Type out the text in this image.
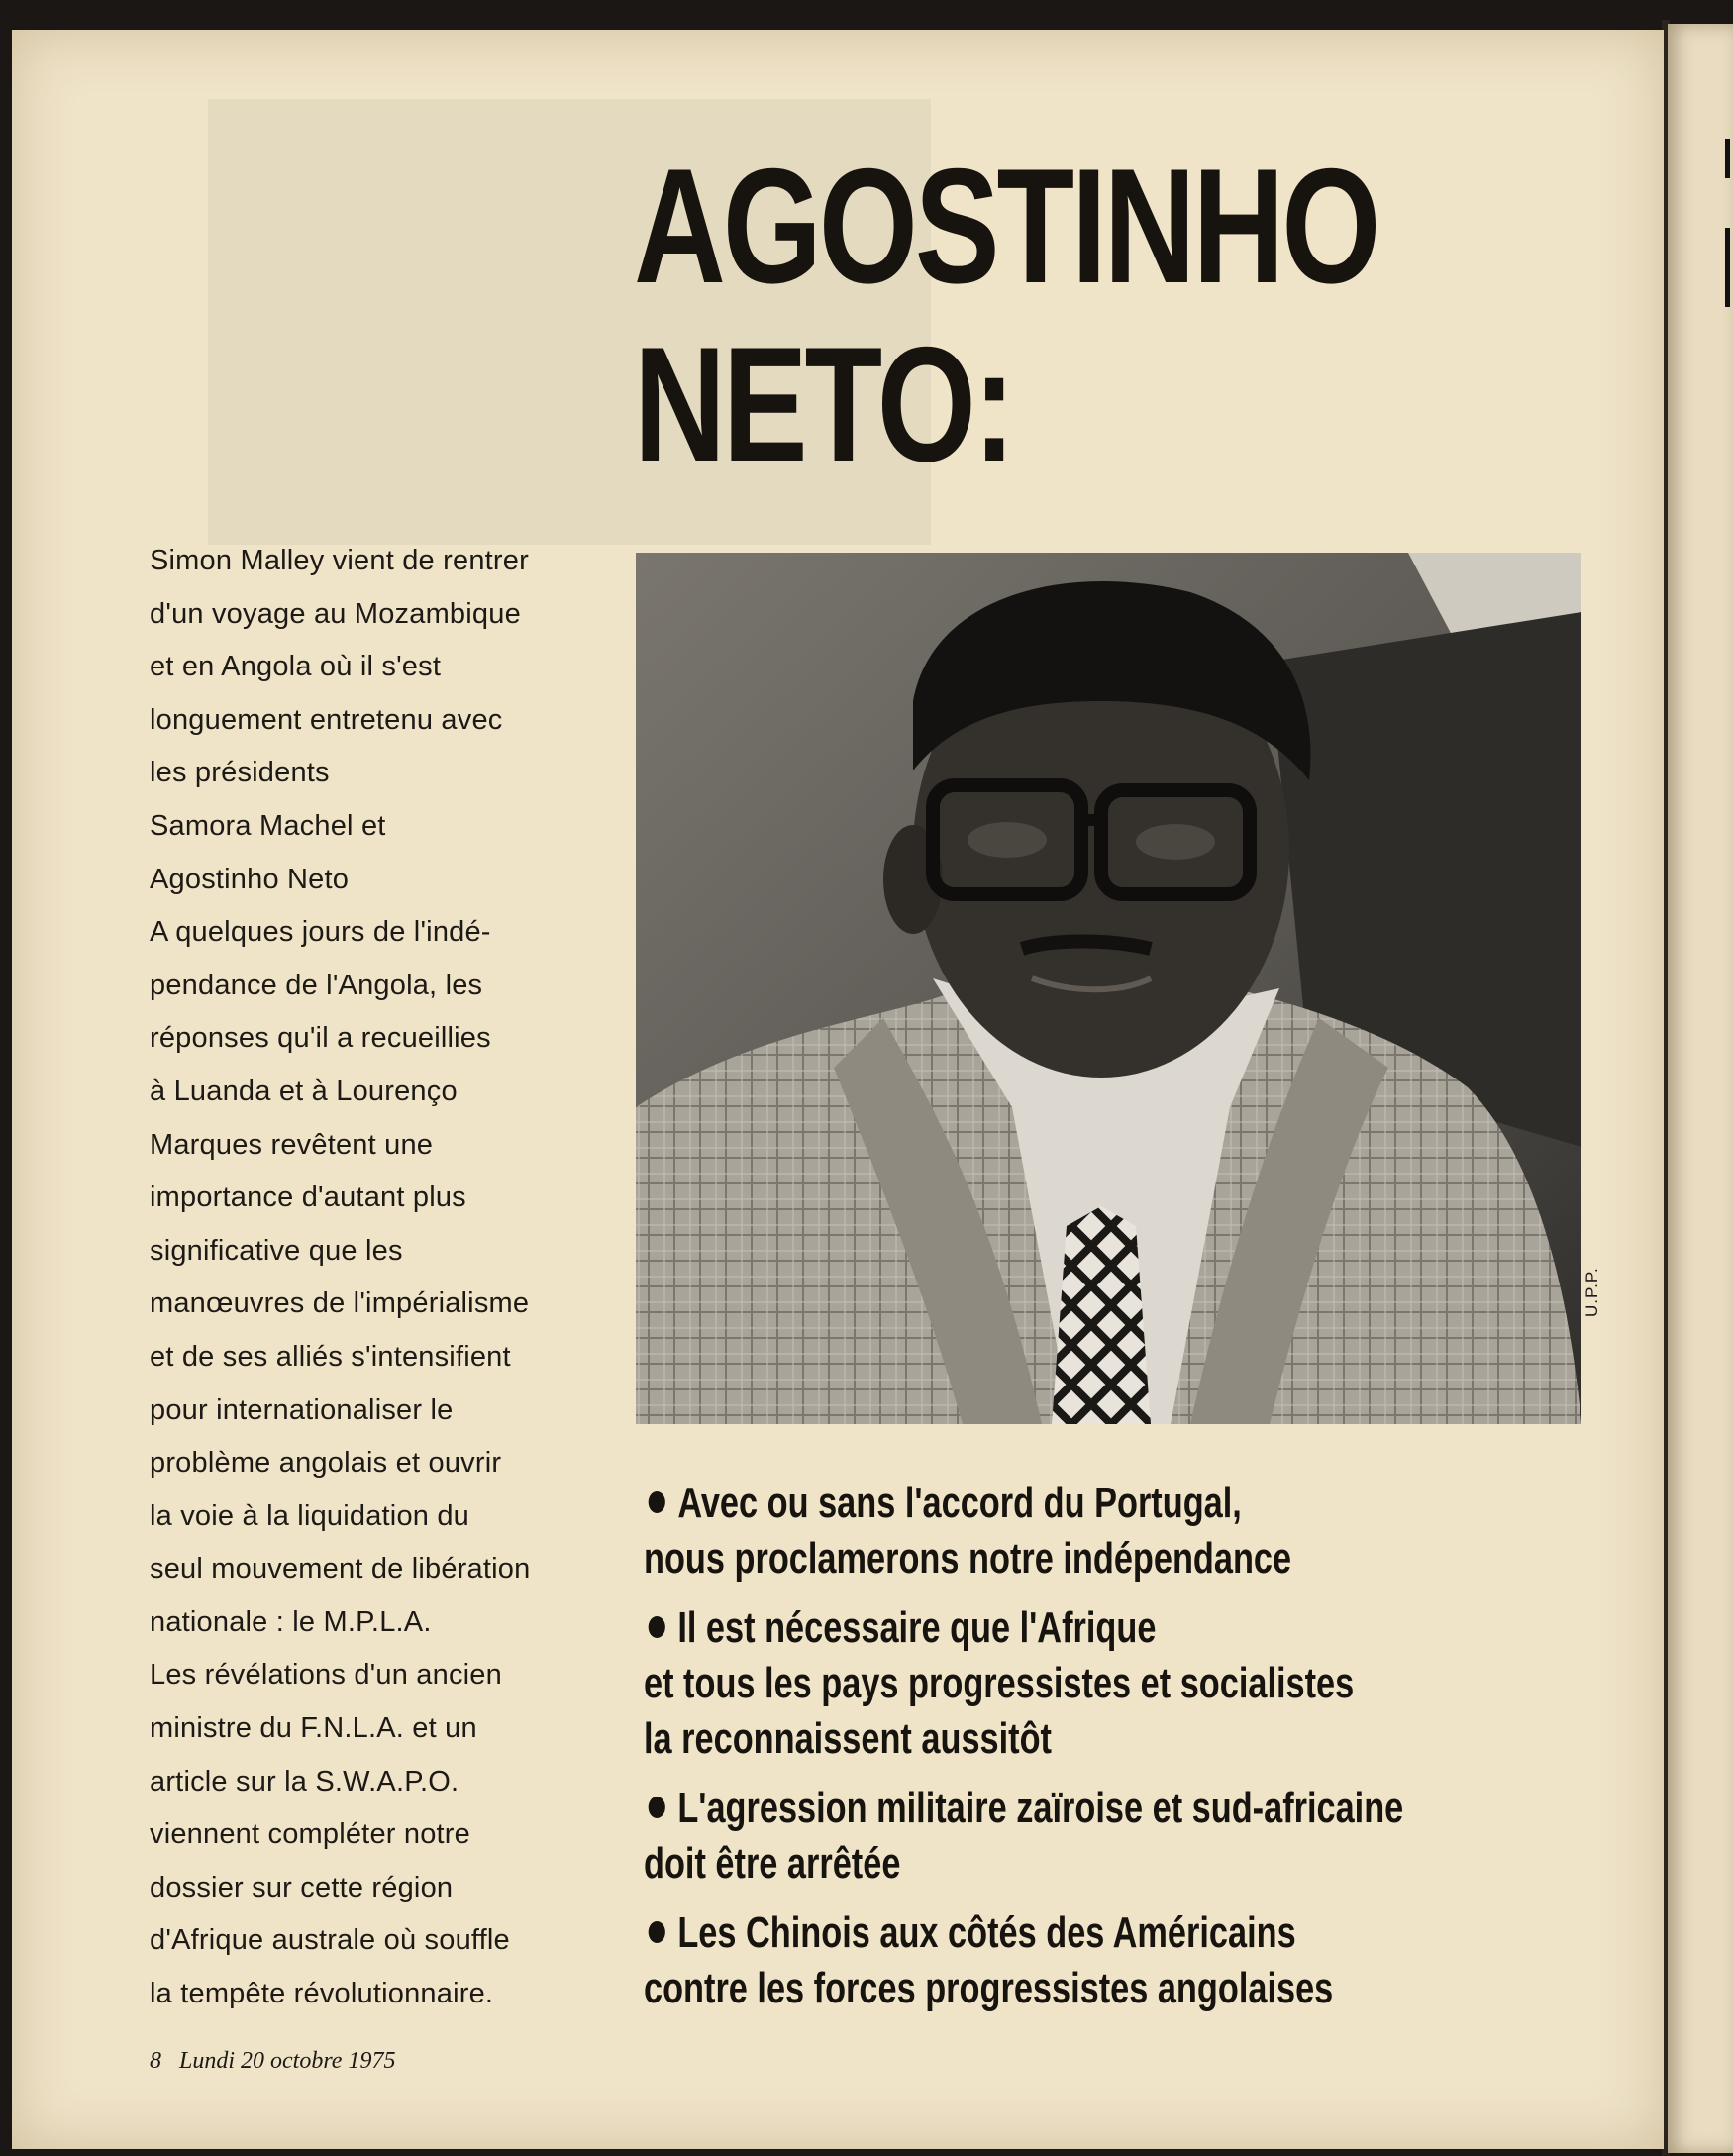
AGOSTINHO
NETO:

Simon Malley vient de rentrer
d'un voyage au Mozambique
et en Angola où il s'est
longuement entretenu avec
les présidents
Samora Machel et
Agostinho Neto
A quelques jours de l'indé-
pendance de l'Angola, les
réponses qu'il a recueillies
à Luanda et à Lourenço
Marques revêtent une
importance d'autant plus
significative que les
manœuvres de l'impérialisme
et de ses alliés s'intensifient
pour internationaliser le
problème angolais et ouvrir
la voie à la liquidation du
seul mouvement de libération
nationale : le M.P.L.A.
Les révélations d'un ancien
ministre du F.N.L.A. et un
article sur la S.W.A.P.O.
viennent compléter notre
dossier sur cette région
d'Afrique australe où souffle
la tempête révolutionnaire.

U.P.P.
Avec ou sans l'accord du Portugal,
nous proclamerons notre indépendance
Il est nécessaire que l'Afrique
et tous les pays progressistes et socialistes
la reconnaissent aussitôt
L'agression militaire zaïroise et sud-africaine
doit être arrêtée
Les Chinois aux côtés des Américains
contre les forces progressistes angolaises
8 Lundi 20 octobre 1975
